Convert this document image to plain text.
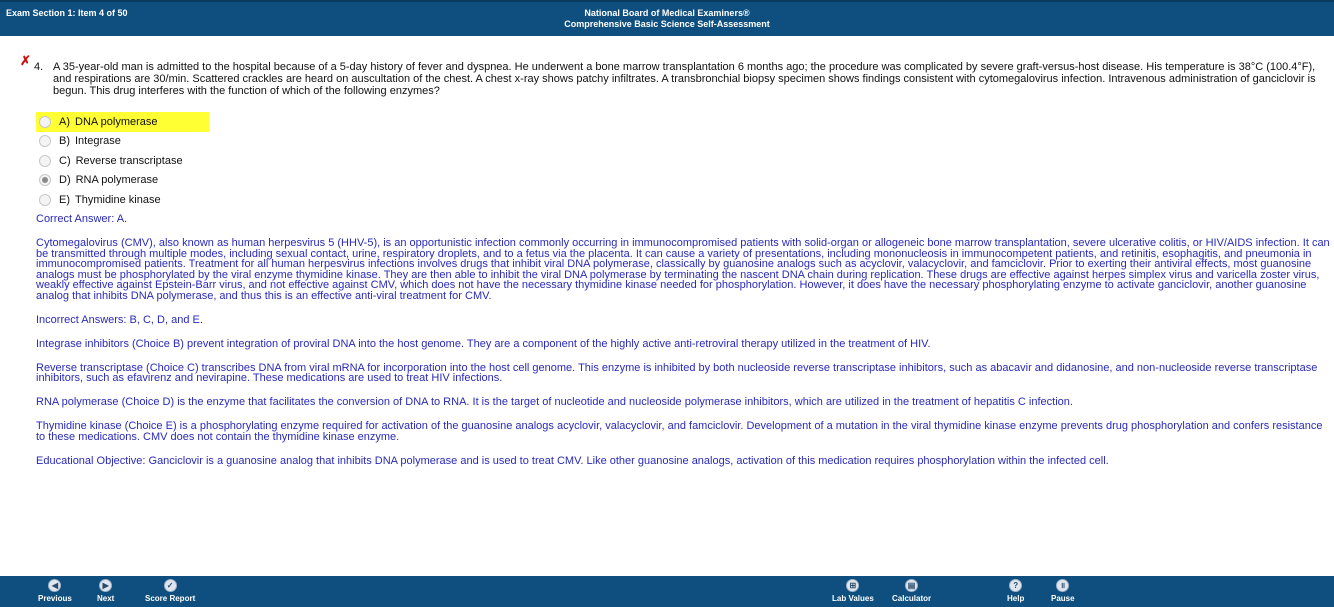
Exam Section 1: Item 4 of 50	National Board of Medical Examiners®
Comprehensive Basic Science Self-Assessment
✗ 4. A 35-year-old man is admitted to the hospital because of a 5-day history of fever and dyspnea. He underwent a bone marrow transplantation 6 months ago; the procedure was complicated by severe graft-versus-host disease. His temperature is 38°C (100.4°F), and respirations are 30/min. Scattered crackles are heard on auscultation of the chest. A chest x-ray shows patchy infiltrates. A transbronchial biopsy specimen shows findings consistent with cytomegalovirus infection. Intravenous administration of ganciclovir is begun. This drug interferes with the function of which of the following enzymes?
A) DNA polymerase
B) Integrase
C) Reverse transcriptase
D) RNA polymerase
E) Thymidine kinase

Correct Answer: A.

Cytomegalovirus (CMV), also known as human herpesvirus 5 (HHV-5), is an opportunistic infection commonly occurring in immunocompromised patients with solid-organ or allogeneic bone marrow transplantation, severe ulcerative colitis, or HIV/AIDS infection. It can be transmitted through multiple modes, including sexual contact, urine, respiratory droplets, and to a fetus via the placenta. It can cause a variety of presentations, including mononucleosis in immunocompetent patients, and retinitis, esophagitis, and pneumonia in immunocompromised patients. Treatment for all human herpesvirus infections involves drugs that inhibit viral DNA polymerase, classically by guanosine analogs such as acyclovir, valacyclovir, and famciclovir. Prior to exerting their antiviral effects, most guanosine analogs must be phosphorylated by the viral enzyme thymidine kinase. They are then able to inhibit the viral DNA polymerase by terminating the nascent DNA chain during replication. These drugs are effective against herpes simplex virus and varicella zoster virus, weakly effective against Epstein-Barr virus, and not effective against CMV, which does not have the necessary thymidine kinase needed for phosphorylation. However, it does have the necessary phosphorylating enzyme to activate ganciclovir, another guanosine analog that inhibits DNA polymerase, and thus this is an effective anti-viral treatment for CMV.

Incorrect Answers: B, C, D, and E.

Integrase inhibitors (Choice B) prevent integration of proviral DNA into the host genome. They are a component of the highly active anti-retroviral therapy utilized in the treatment of HIV.

Reverse transcriptase (Choice C) transcribes DNA from viral mRNA for incorporation into the host cell genome. This enzyme is inhibited by both nucleoside reverse transcriptase inhibitors, such as abacavir and didanosine, and non-nucleoside reverse transcriptase inhibitors, such as efavirenz and nevirapine. These medications are used to treat HIV infections.

RNA polymerase (Choice D) is the enzyme that facilitates the conversion of DNA to RNA. It is the target of nucleotide and nucleoside polymerase inhibitors, which are utilized in the treatment of hepatitis C infection.

Thymidine kinase (Choice E) is a phosphorylating enzyme required for activation of the guanosine analogs acyclovir, valacyclovir, and famciclovir. Development of a mutation in the viral thymidine kinase enzyme prevents drug phosphorylation and confers resistance to these medications. CMV does not contain the thymidine kinase enzyme.

Educational Objective: Ganciclovir is a guanosine analog that inhibits DNA polymerase and is used to treat CMV. Like other guanosine analogs, activation of this medication requires phosphorylation within the infected cell.

◀
Previous
▶
Next
✓
Score Report
⊞
Lab Values
▤
Calculator
?
Help
॥
Pause
